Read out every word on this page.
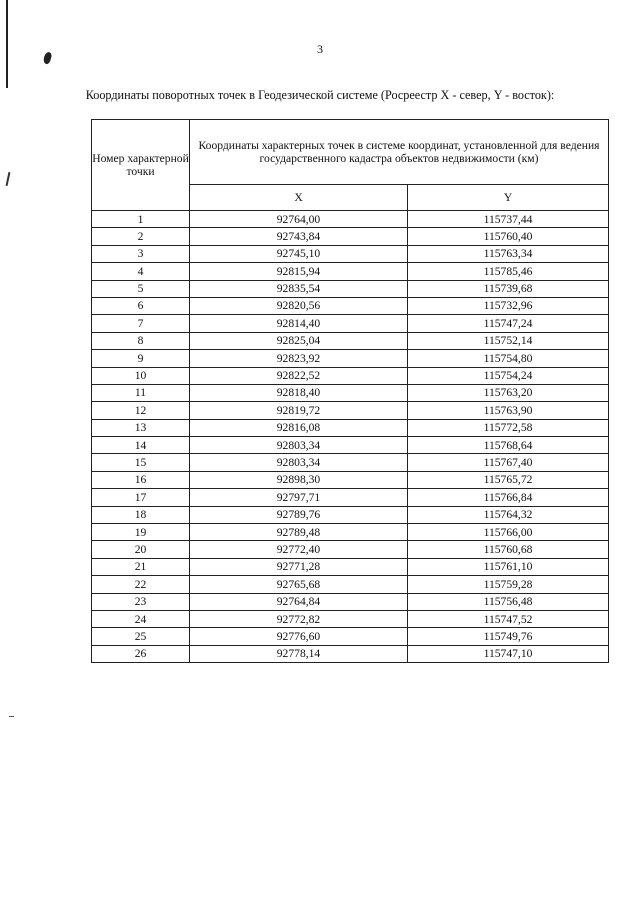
3
Координаты поворотных точек в Геодезической системе (Росреестр X - север, Y - восток):
Номер характерной точки	Координаты характерных точек в системе координат, установленной для ведения государственного кадастра объектов недвижимости (км)	
	X	Y
1	92764,00	115737,44
2	92743,84	115760,40
3	92745,10	115763,34
4	92815,94	115785,46
5	92835,54	115739,68
6	92820,56	115732,96
7	92814,40	115747,24
8	92825,04	115752,14
9	92823,92	115754,80
10	92822,52	115754,24
11	92818,40	115763,20
12	92819,72	115763,90
13	92816,08	115772,58
14	92803,34	115768,64
15	92803,34	115767,40
16	92898,30	115765,72
17	92797,71	115766,84
18	92789,76	115764,32
19	92789,48	115766,00
20	92772,40	115760,68
21	92771,28	115761,10
22	92765,68	115759,28
23	92764,84	115756,48
24	92772,82	115747,52
25	92776,60	115749,76
26	92778,14	115747,10
